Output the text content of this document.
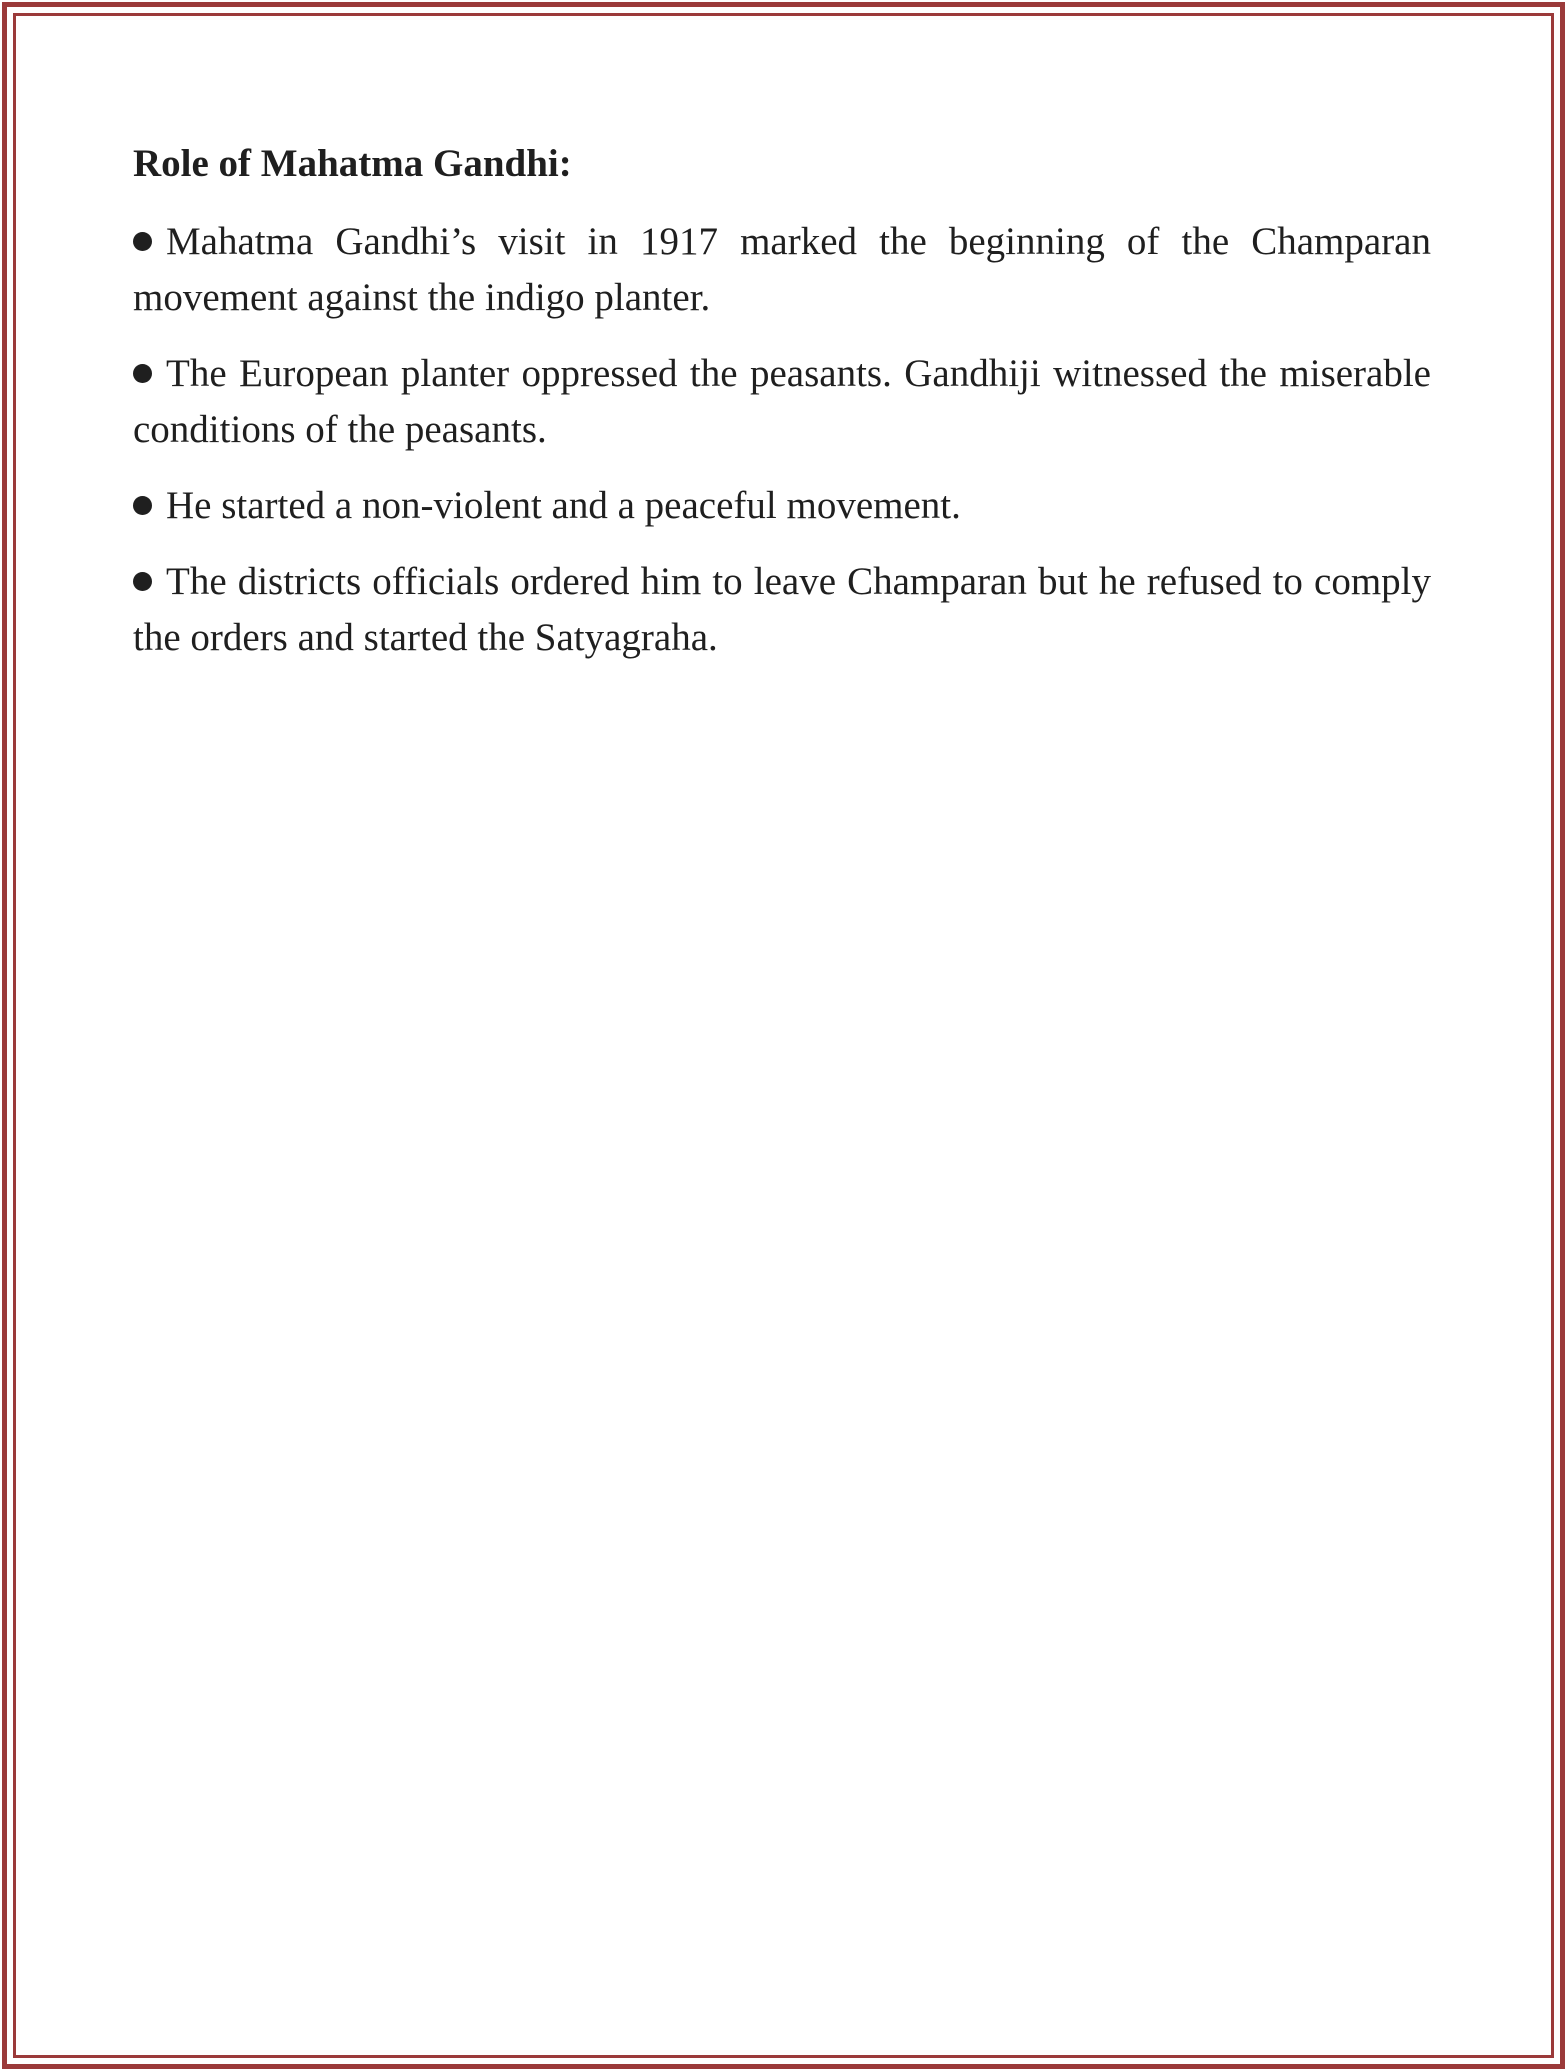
Role of Mahatma Gandhi:
Mahatma Gandhi’s visit in 1917 marked the beginning of the Champaran movement against the indigo planter.
The European planter oppressed the peasants. Gandhiji witnessed the miserable conditions of the peasants.
He started a non-violent and a peaceful movement.
The districts officials ordered him to leave Champaran but he refused to comply the orders and started the Satyagraha.
